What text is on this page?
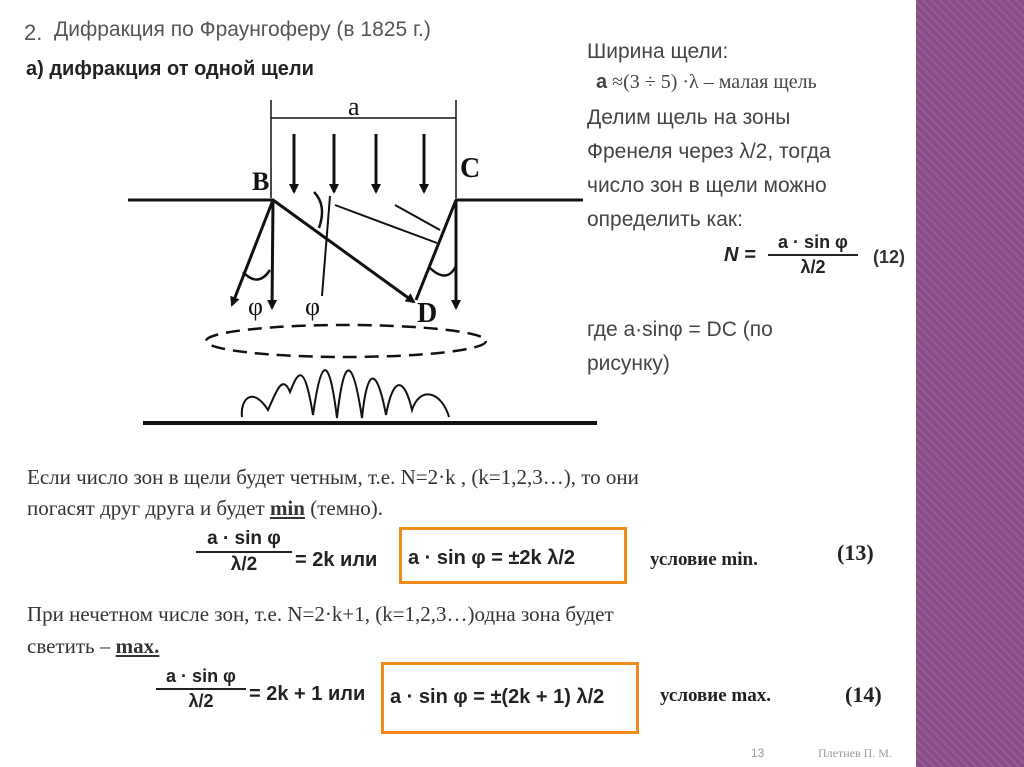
2. Дифракция по Фраунгоферу (в 1825 г.)
а) дифракция от одной щели
a
B	C
D
φ φ
Ширина щели:
a ≈(3 ÷ 5) ·λ – малая щель
Делим щель на зоны
Френеля через λ/2, тогда
число зон в щели можно
определить как:
$N = \frac{\text{a · sin φ}}{\lambda/2} (12)$
где a·sinφ = DC (по
рисунку)
Если число зон в щели будет четным, т.е. N=2·k , (k=1,2,3…), то они
погасят друг друга и будет min (темно).
$\frac{\text{a · sin φ}}{\lambda/2} = 2k$ или a · sin φ = ±2k λ/2	условие min.	(13)
При нечетном числе зон, т.е. N=2·k+1, (k=1,2,3…)одна зона будет
светить – max.
$\frac{\text{a · sin φ}}{\lambda/2} = 2k + 1$ или a · sin φ = ±(2k + 1) λ/2	условие max.	(14)
13	Плетнев П. М.
